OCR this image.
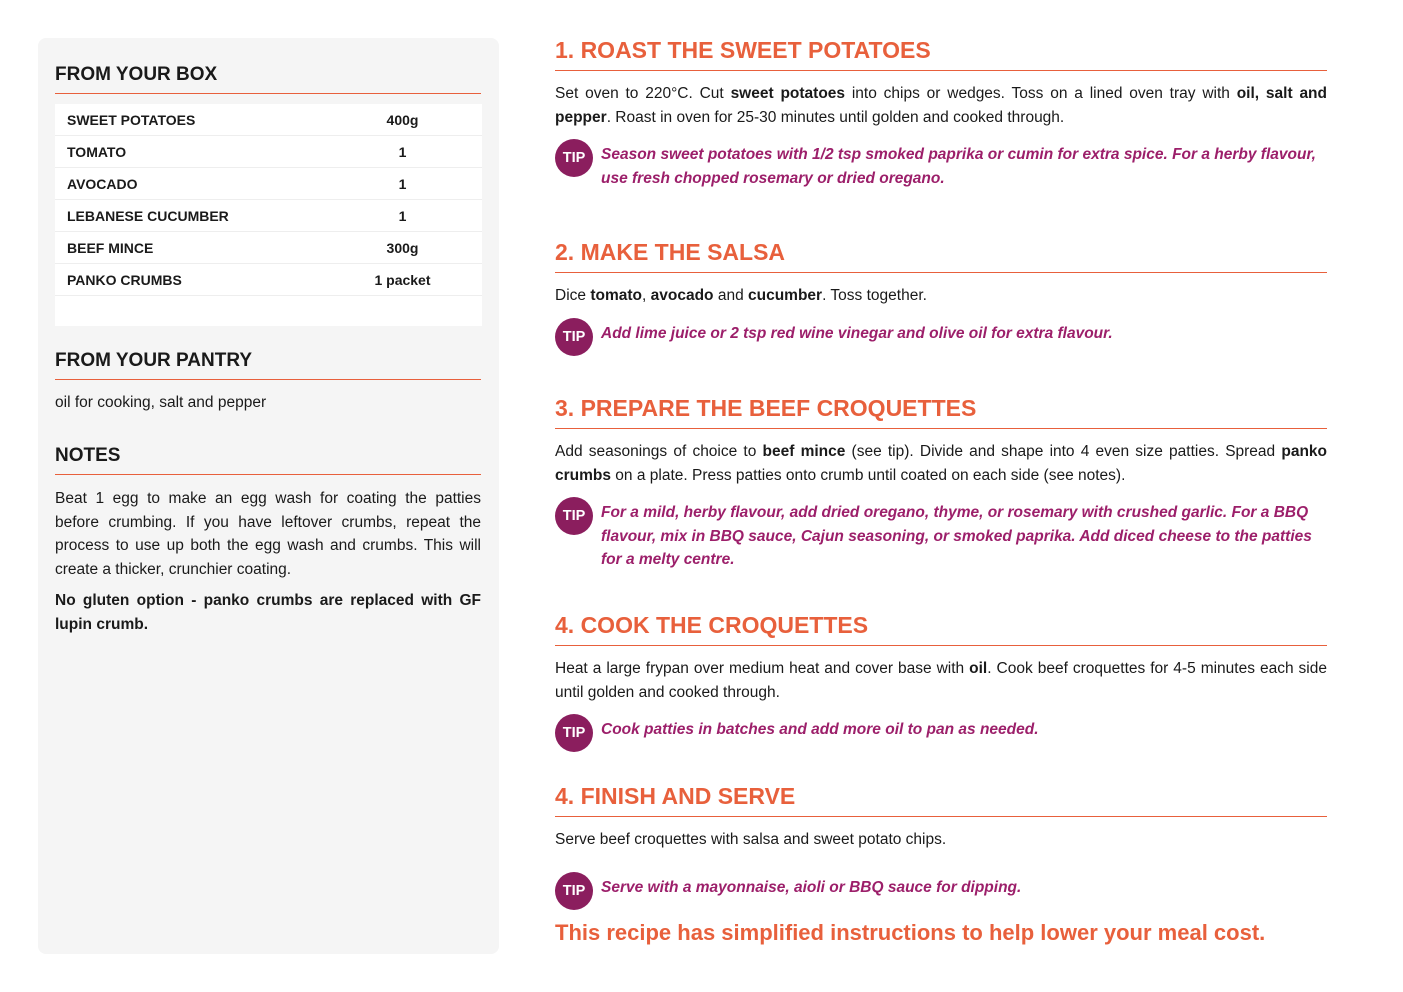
FROM YOUR BOX
SWEET POTATOES	400g
TOMATO	1
AVOCADO	1
LEBANESE CUCUMBER	1
BEEF MINCE	300g
PANKO CRUMBS	1 packet
FROM YOUR PANTRY

oil for cooking, salt and pepper

NOTES

Beat 1 egg to make an egg wash for coating the patties before crumbing. If you have leftover crumbs, repeat the process to use up both the egg wash and crumbs. This will create a thicker, crunchier coating.

No gluten option - panko crumbs are replaced with GF lupin crumb.

1. ROAST THE SWEET POTATOES

Set oven to 220°C. Cut sweet potatoes into chips or wedges. Toss on a lined oven tray with oil, salt and pepper. Roast in oven for 25-30 minutes until golden and cooked through.

TIP	Season sweet potatoes with 1/2 tsp smoked paprika or cumin for extra spice. For a herby flavour, use fresh chopped rosemary or dried oregano.
2. MAKE THE SALSA

Dice tomato, avocado and cucumber. Toss together.

TIP	Add lime juice or 2 tsp red wine vinegar and olive oil for extra flavour.
3. PREPARE THE BEEF CROQUETTES

Add seasonings of choice to beef mince (see tip). Divide and shape into 4 even size patties. Spread panko crumbs on a plate. Press patties onto crumb until coated on each side (see notes).

TIP	For a mild, herby flavour, add dried oregano, thyme, or rosemary with crushed garlic. For a BBQ flavour, mix in BBQ sauce, Cajun seasoning, or smoked paprika. Add diced cheese to the patties for a melty centre.
4. COOK THE CROQUETTES

Heat a large frypan over medium heat and cover base with oil. Cook beef croquettes for 4-5 minutes each side until golden and cooked through.

TIP	Cook patties in batches and add more oil to pan as needed.
4. FINISH AND SERVE

Serve beef croquettes with salsa and sweet potato chips.

TIP	Serve with a mayonnaise, aioli or BBQ sauce for dipping.

This recipe has simplified instructions to help lower your meal cost.
